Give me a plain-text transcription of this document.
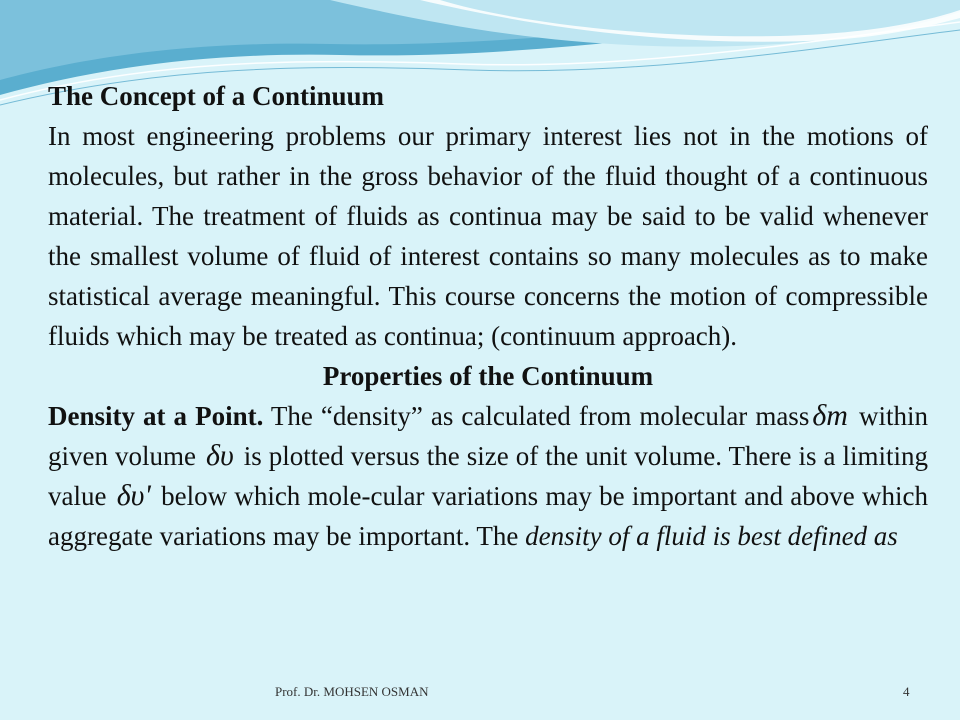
The Concept of a Continuum

In most engineering problems our primary interest lies not in the motions of molecules, but rather in the gross behavior of the fluid thought of a continuous material. The treatment of fluids as continua may be said to be valid whenever the smallest volume of fluid of interest contains so many molecules as to make statistical average meaningful. This course concerns the motion of compressible fluids which may be treated as continua; (continuum approach).

Properties of the Continuum

Density at a Point. The “density” as calculated from molecular mass δm within given volume δυ is plotted versus the size of the unit volume. There is a limiting value δυ' below which mole-cular variations may be important and above which aggregate variations may be important. The density of a fluid is best defined as

Prof. Dr. MOHSEN OSMAN	4
